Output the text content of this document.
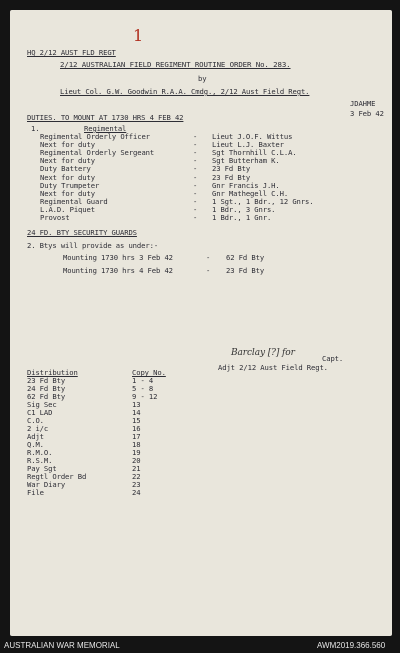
HQ 2/12 AUST FLD REGT
1
2/12 AUSTRALIAN FIELD REGIMENT ROUTINE ORDER No. 283.
by
Lieut Col. G.W. Goodwin R.A.A. Cmdg., 2/12 Aust Field Regt.
JDAHME
3 Feb 42
DUTIES. TO MOUNT AT 1730 HRS 4 FEB 42
1.	Regimental
Regimental Orderly Officer	- Lieut J.O.F. Wittus
Next for duty	- Lieut L.J. Baxter
Regimental Orderly Sergeant	- Sgt Thornhill C.L.A.
Next for duty	- Sgt Butterham K.
Duty Battery	- 23 Fd Bty
Next for duty	- 23 Fd Bty
Duty Trumpeter	- Gnr Francis J.H.
Next for duty	- Gnr Mathegell C.H.
Regimental Guard	- 1 Sgt., 1 Bdr., 12 Gnrs.
L.A.D. Piquet	- 1 Bdr., 3 Gnrs.
Provost	- 1 Bdr., 1 Gnr.
24 FD. BTY SECURITY GUARDS
2. Btys will provide as under:-
Mounting 1730 hrs 3 Feb 42	- 62 Fd Bty
Mounting 1730 hrs 4 Feb 42	- 23 Fd Bty
Barclay [?] for
Capt.
Adjt 2/12 Aust Field Regt.
Distribution	Copy No.
23 Fd Bty	1 - 4
24 Fd Bty	5 - 8
62 Fd Bty	9 - 12
Sig Sec	13
C1 LAD	14
C.O.	15
2 i/c	16
Adjt	17
Q.M.	18
R.M.O.	19
R.S.M.	20
Pay Sgt	21
Regtl Order Bd	22
War Diary	23
File	24
AUSTRALIAN WAR MEMORIAL	AWM2019.366.560
